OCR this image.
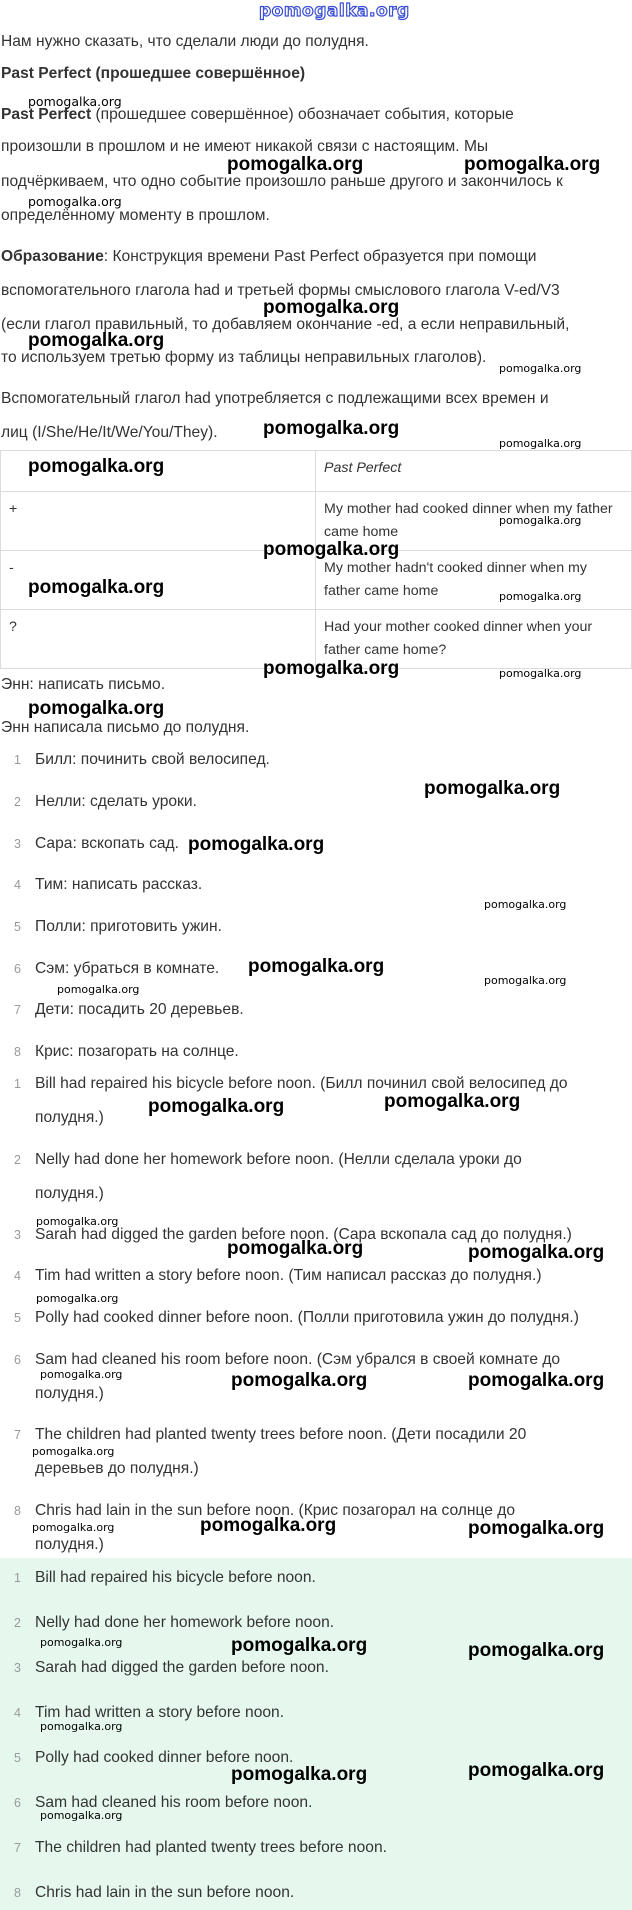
pomogalka.org
Нам нужно сказать, что сделали люди до полудня.
Past Perfect (прошедшее совершённое)
Past Perfect (прошедшее совершённое) обозначает события, которые
произошли в прошлом и не имеют никакой связи с настоящим. Мы
подчёркиваем, что одно событие произошло раньше другого и закончилось к
определённому моменту в прошлом.
Образование: Конструкция времени Past Perfect образуется при помощи
вспомогательного глагола had и третьей формы смыслового глагола V-ed/V3
(если глагол правильный, то добавляем окончание -ed, а если неправильный,
то используем третью форму из таблицы неправильных глаголов).
Вспомогательный глагол had употребляется с подлежащими всех времен и
лиц (I/She/He/It/We/You/They).
	Past Perfect
+	My mother had cooked dinner when my father came home
-	My mother hadn't cooked dinner when my father came home
?	Had your mother cooked dinner when your father came home?
Энн: написать письмо.
Энн написала письмо до полудня.
1 Билл: починить свой велосипед.
2 Нелли: сделать уроки.
3 Сара: вскопать сад.
4 Тим: написать рассказ.
5 Полли: приготовить ужин.
6 Сэм: убраться в комнате.
7 Дети: посадить 20 деревьев.
8 Крис: позагорать на солнце.
1 Bill had repaired his bicycle before noon. (Билл починил свой велосипед до
полудня.)
2 Nelly had done her homework before noon. (Нелли сделала уроки до
полудня.)
3 Sarah had digged the garden before noon. (Сара вскопала сад до полудня.)
4 Tim had written a story before noon. (Тим написал рассказ до полудня.)
5 Polly had cooked dinner before noon. (Полли приготовила ужин до полудня.)
6 Sam had cleaned his room before noon. (Сэм убрался в своей комнате до
полудня.)
7 The children had planted twenty trees before noon. (Дети посадили 20
деревьев до полудня.)
8 Chris had lain in the sun before noon. (Крис позагорал на солнце до
полудня.)
1 Bill had repaired his bicycle before noon.
2 Nelly had done her homework before noon.
3 Sarah had digged the garden before noon.
4 Tim had written a story before noon.
5 Polly had cooked dinner before noon.
6 Sam had cleaned his room before noon.
7 The children had planted twenty trees before noon.
8 Chris had lain in the sun before noon.
pomogalka.org
pomogalka.org	pomogalka.org
pomogalka.org
pomogalka.org
pomogalka.org
pomogalka.org
pomogalka.org
pomogalka.org
pomogalka.org
pomogalka.org
pomogalka.org
pomogalka.org	pomogalka.org
pomogalka.org	pomogalka.org
pomogalka.org
pomogalka.org
pomogalka.org
pomogalka.org
pomogalka.org
pomogalka.org
pomogalka.org
pomogalka.org
pomogalka.org
pomogalka.org
pomogalka.org	pomogalka.org
pomogalka.org
pomogalka.org	pomogalka.org	pomogalka.org
pomogalka.org
pomogalka.org	pomogalka.org	pomogalka.org
pomogalka.org	pomogalka.org	pomogalka.org
pomogalka.org
pomogalka.org	pomogalka.org
pomogalka.org
